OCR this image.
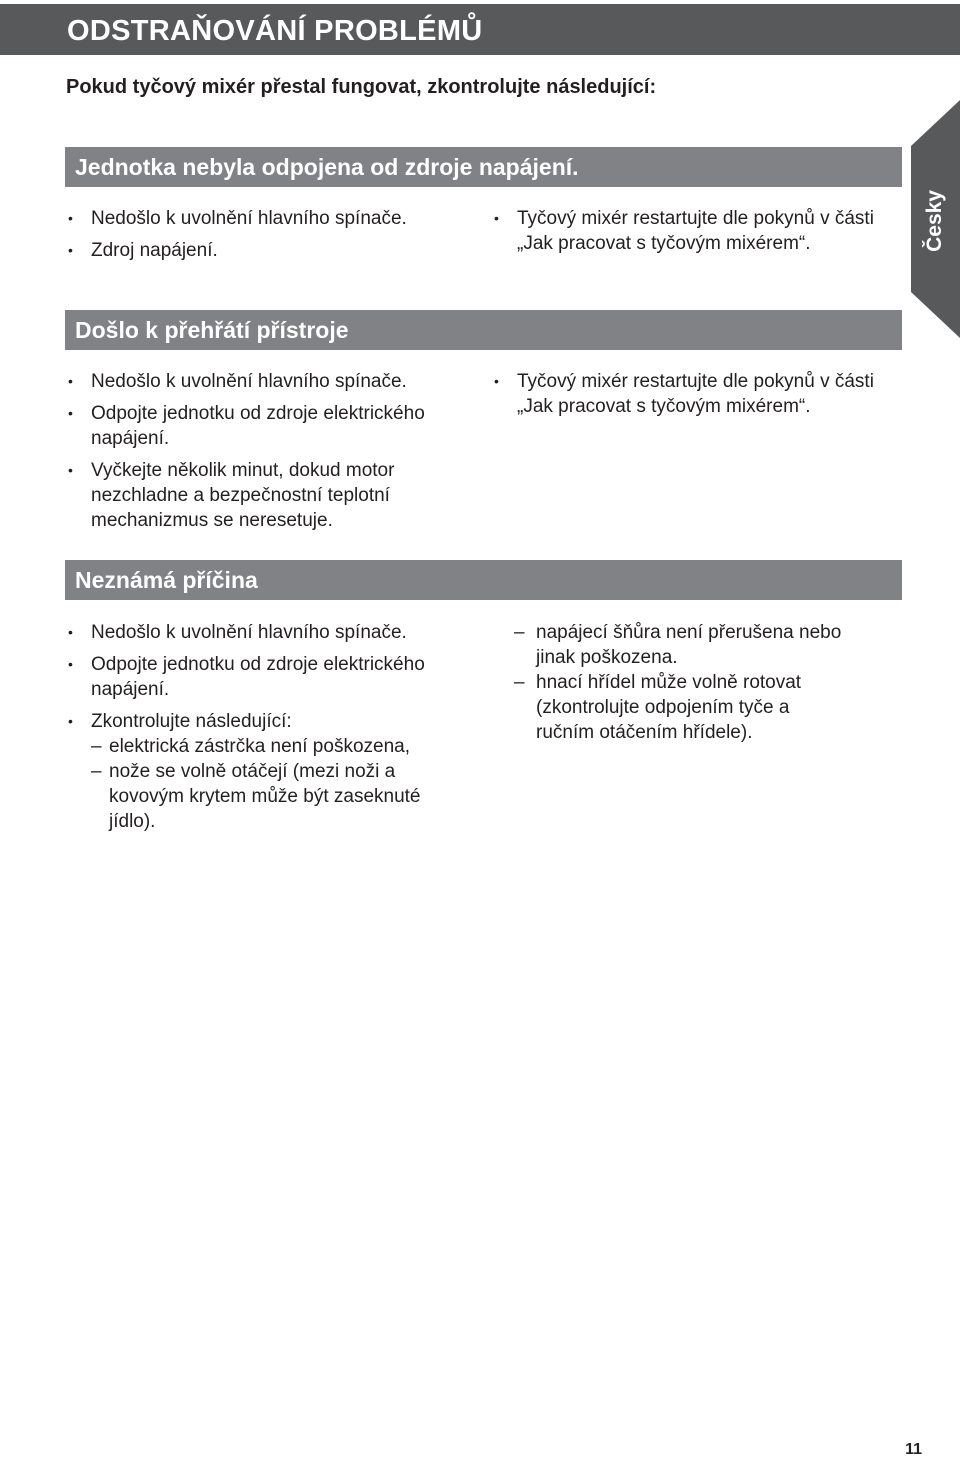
ODSTRAŇOVÁNÍ PROBLÉMŮ

Pokud tyčový mixér přestal fungovat, zkontrolujte následující:

Česky
Jednotka nebyla odpojena od zdroje napájení.
• Nedošlo k uvolnění hlavního spínače.
• Zdroj napájení.
• Tyčový mixér restartujte dle pokynů v části „Jak pracovat s tyčovým mixérem“.
Došlo k přehřátí přístroje
• Nedošlo k uvolnění hlavního spínače.
• Odpojte jednotku od zdroje elektrického napájení.
• Vyčkejte několik minut, dokud motor nezchladne a bezpečnostní teplotní mechanizmus se neresetuje.
• Tyčový mixér restartujte dle pokynů v části „Jak pracovat s tyčovým mixérem“.
Neznámá příčina
• Nedošlo k uvolnění hlavního spínače.
• Odpojte jednotku od zdroje elektrického napájení.
• Zkontrolujte následující:
– elektrická zástrčka není poškozena,
– nože se volně otáčejí (mezi noži a kovovým krytem může být zaseknuté jídlo).
– napájecí šňůra není přerušena nebo jinak poškozena.
– hnací hřídel může volně rotovat (zkontrolujte odpojením tyče a ručním otáčením hřídele).
11
